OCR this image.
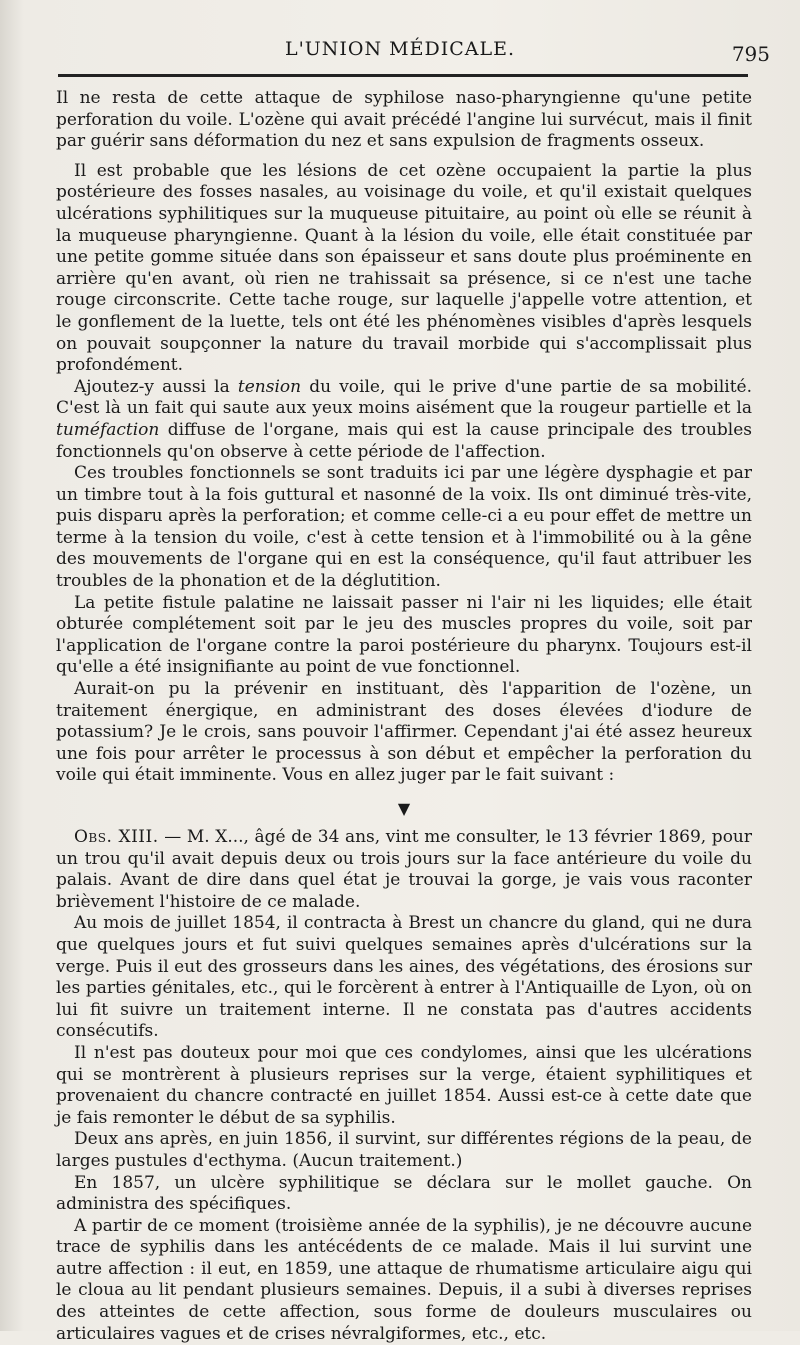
L'UNION MÉDICALE.	795

Il ne resta de cette attaque de syphilose naso-pharyngienne qu'une petite perforation du voile. L'ozène qui avait précédé l'angine lui survécut, mais il finit par guérir sans déformation du nez et sans expulsion de fragments osseux.

Il est probable que les lésions de cet ozène occupaient la partie la plus postérieure des fosses nasales, au voisinage du voile, et qu'il existait quelques ulcérations syphilitiques sur la muqueuse pituitaire, au point où elle se réunit à la muqueuse pharyngienne. Quant à la lésion du voile, elle était constituée par une petite gomme située dans son épaisseur et sans doute plus proéminente en arrière qu'en avant, où rien ne trahissait sa présence, si ce n'est une tache rouge circonscrite. Cette tache rouge, sur laquelle j'appelle votre attention, et le gonflement de la luette, tels ont été les phénomènes visibles d'après lesquels on pouvait soupçonner la nature du travail morbide qui s'accomplissait plus profondément.

Ajoutez-y aussi la tension du voile, qui le prive d'une partie de sa mobilité. C'est là un fait qui saute aux yeux moins aisément que la rougeur partielle et la tuméfaction diffuse de l'organe, mais qui est la cause principale des troubles fonctionnels qu'on observe à cette période de l'affection.

Ces troubles fonctionnels se sont traduits ici par une légère dysphagie et par un timbre tout à la fois guttural et nasonné de la voix. Ils ont diminué très-vite, puis disparu après la perforation; et comme celle-ci a eu pour effet de mettre un terme à la tension du voile, c'est à cette tension et à l'immobilité ou à la gêne des mouvements de l'organe qui en est la conséquence, qu'il faut attribuer les troubles de la phonation et de la déglutition.

La petite fistule palatine ne laissait passer ni l'air ni les liquides; elle était obturée complétement soit par le jeu des muscles propres du voile, soit par l'application de l'organe contre la paroi postérieure du pharynx. Toujours est-il qu'elle a été insignifiante au point de vue fonctionnel.

Aurait-on pu la prévenir en instituant, dès l'apparition de l'ozène, un traitement énergique, en administrant des doses élevées d'iodure de potassium? Je le crois, sans pouvoir l'affirmer. Cependant j'ai été assez heureux une fois pour arrêter le processus à son début et empêcher la perforation du voile qui était imminente. Vous en allez juger par le fait suivant :

▼

Obs. XIII. — M. X..., âgé de 34 ans, vint me consulter, le 13 février 1869, pour un trou qu'il avait depuis deux ou trois jours sur la face antérieure du voile du palais. Avant de dire dans quel état je trouvai la gorge, je vais vous raconter brièvement l'histoire de ce malade.

Au mois de juillet 1854, il contracta à Brest un chancre du gland, qui ne dura que quelques jours et fut suivi quelques semaines après d'ulcérations sur la verge. Puis il eut des grosseurs dans les aines, des végétations, des érosions sur les parties génitales, etc., qui le forcèrent à entrer à l'Antiquaille de Lyon, où on lui fit suivre un traitement interne. Il ne constata pas d'autres accidents consécutifs.

Il n'est pas douteux pour moi que ces condylomes, ainsi que les ulcérations qui se montrèrent à plusieurs reprises sur la verge, étaient syphilitiques et provenaient du chancre contracté en juillet 1854. Aussi est-ce à cette date que je fais remonter le début de sa syphilis.

Deux ans après, en juin 1856, il survint, sur différentes régions de la peau, de larges pustules d'ecthyma. (Aucun traitement.)

En 1857, un ulcère syphilitique se déclara sur le mollet gauche. On administra des spécifiques.

A partir de ce moment (troisième année de la syphilis), je ne découvre aucune trace de syphilis dans les antécédents de ce malade. Mais il lui survint une autre affection : il eut, en 1859, une attaque de rhumatisme articulaire aigu qui le cloua au lit pendant plusieurs semaines. Depuis, il a subi à diverses reprises des atteintes de cette affection, sous forme de douleurs musculaires ou articulaires vagues et de crises névralgiformes, etc., etc.
